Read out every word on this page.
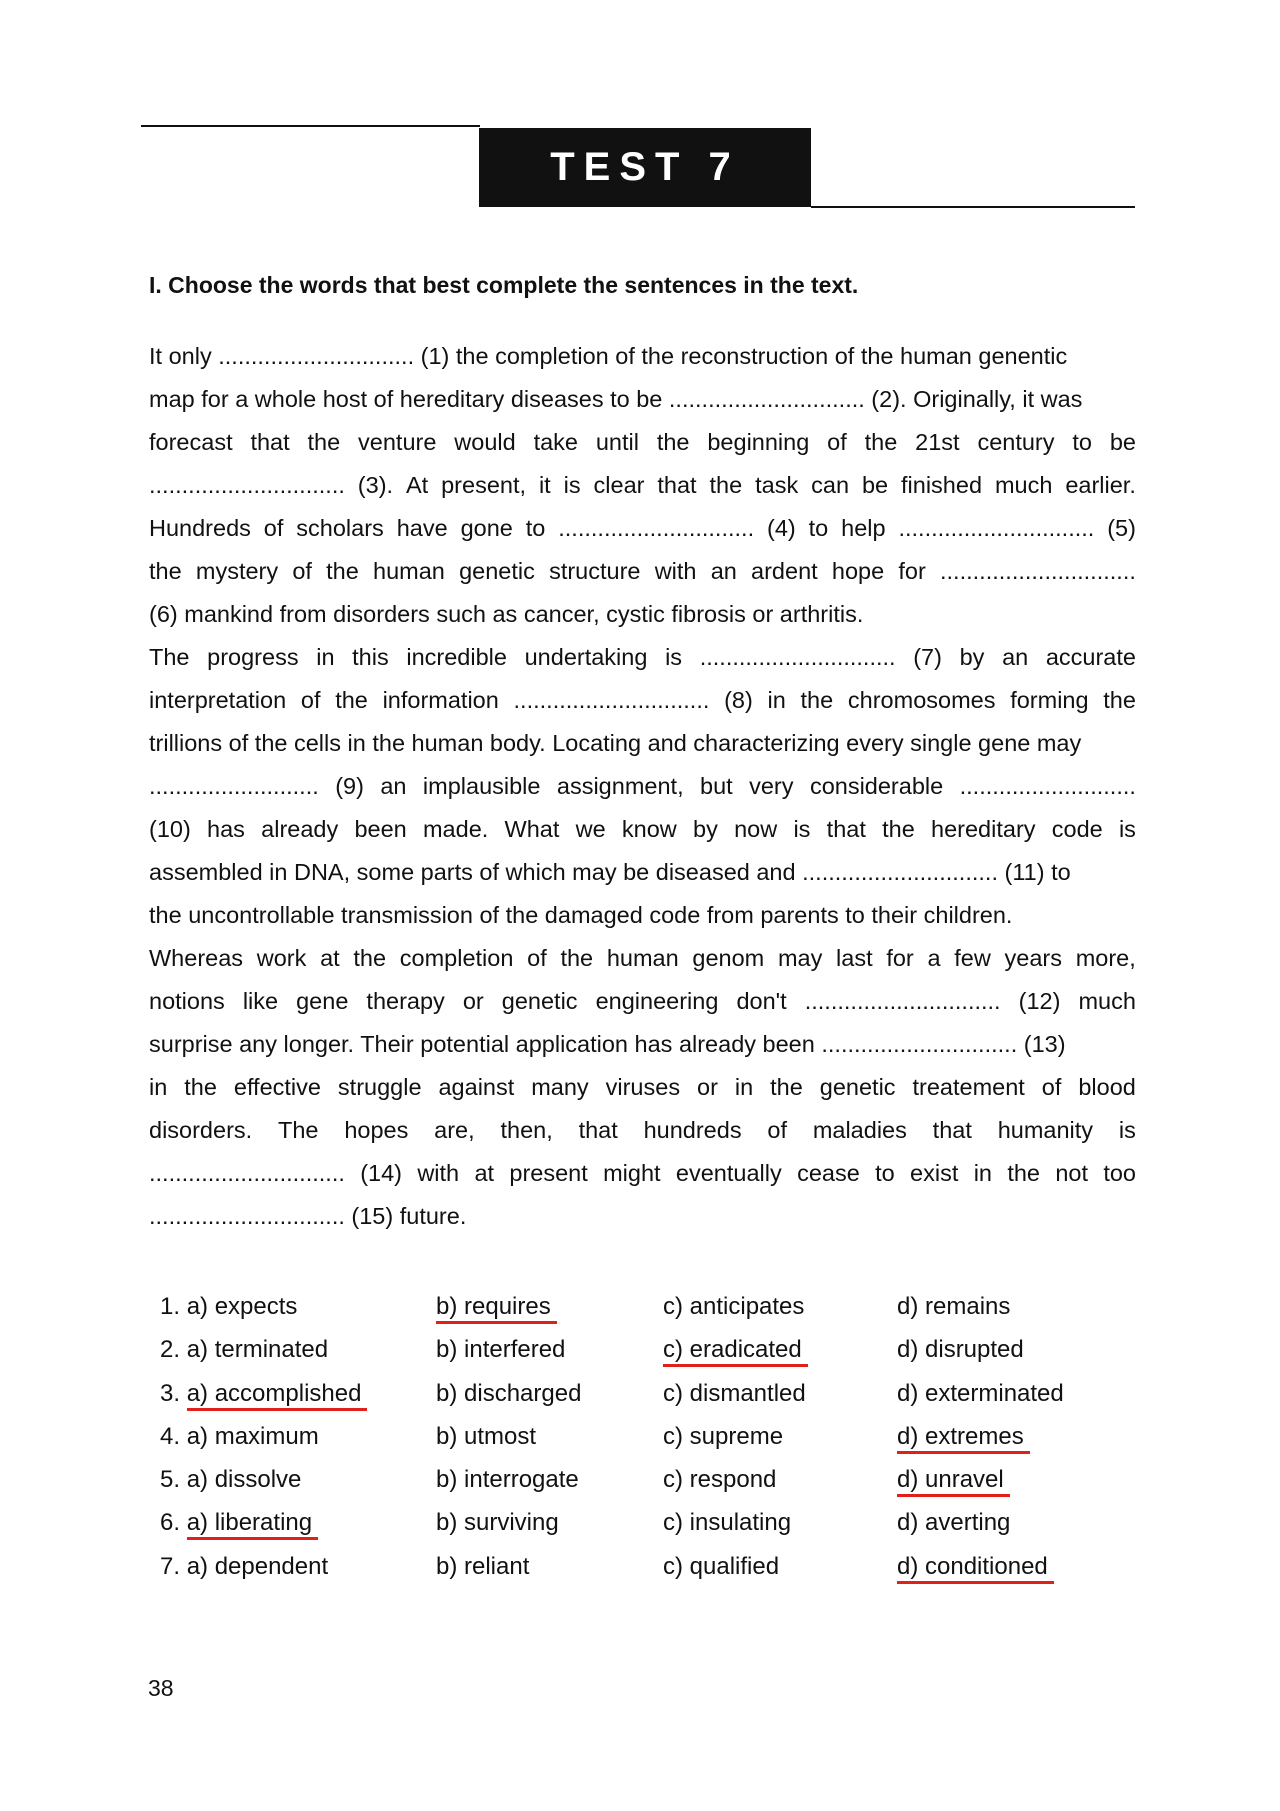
TEST 7
I. Choose the words that best complete the sentences in the text.
It only .............................. (1) the completion of the reconstruction of the human genentic
map for a whole host of hereditary diseases to be .............................. (2). Originally, it was
forecast that the venture would take until the beginning of the 21st century to be
.............................. (3). At present, it is clear that the task can be finished much earlier.
Hundreds of scholars have gone to .............................. (4) to help .............................. (5)
the mystery of the human genetic structure with an ardent hope for ..............................
(6) mankind from disorders such as cancer, cystic fibrosis or arthritis.
The progress in this incredible undertaking is .............................. (7) by an accurate
interpretation of the information .............................. (8) in the chromosomes forming the
trillions of the cells in the human body. Locating and characterizing every single gene may
.......................... (9) an implausible assignment, but very considerable ...........................
(10) has already been made. What we know by now is that the hereditary code is
assembled in DNA, some parts of which may be diseased and .............................. (11) to
the uncontrollable transmission of the damaged code from parents to their children.
Whereas work at the completion of the human genom may last for a few years more,
notions like gene therapy or genetic engineering don't .............................. (12) much
surprise any longer. Their potential application has already been .............................. (13)
in the effective struggle against many viruses or in the genetic treatement of blood
disorders. The hopes are, then, that hundreds of maladies that humanity is
.............................. (14) with at present might eventually cease to exist in the not too
.............................. (15) future.
1. a) expects	b) requires	c) anticipates	d) remains
2. a) terminated	b) interfered	c) eradicated	d) disrupted
3. a) accomplished	b) discharged	c) dismantled	d) exterminated
4. a) maximum	b) utmost	c) supreme	d) extremes
5. a) dissolve	b) interrogate	c) respond	d) unravel
6. a) liberating	b) surviving	c) insulating	d) averting
7. a) dependent	b) reliant	c) qualified	d) conditioned
38
